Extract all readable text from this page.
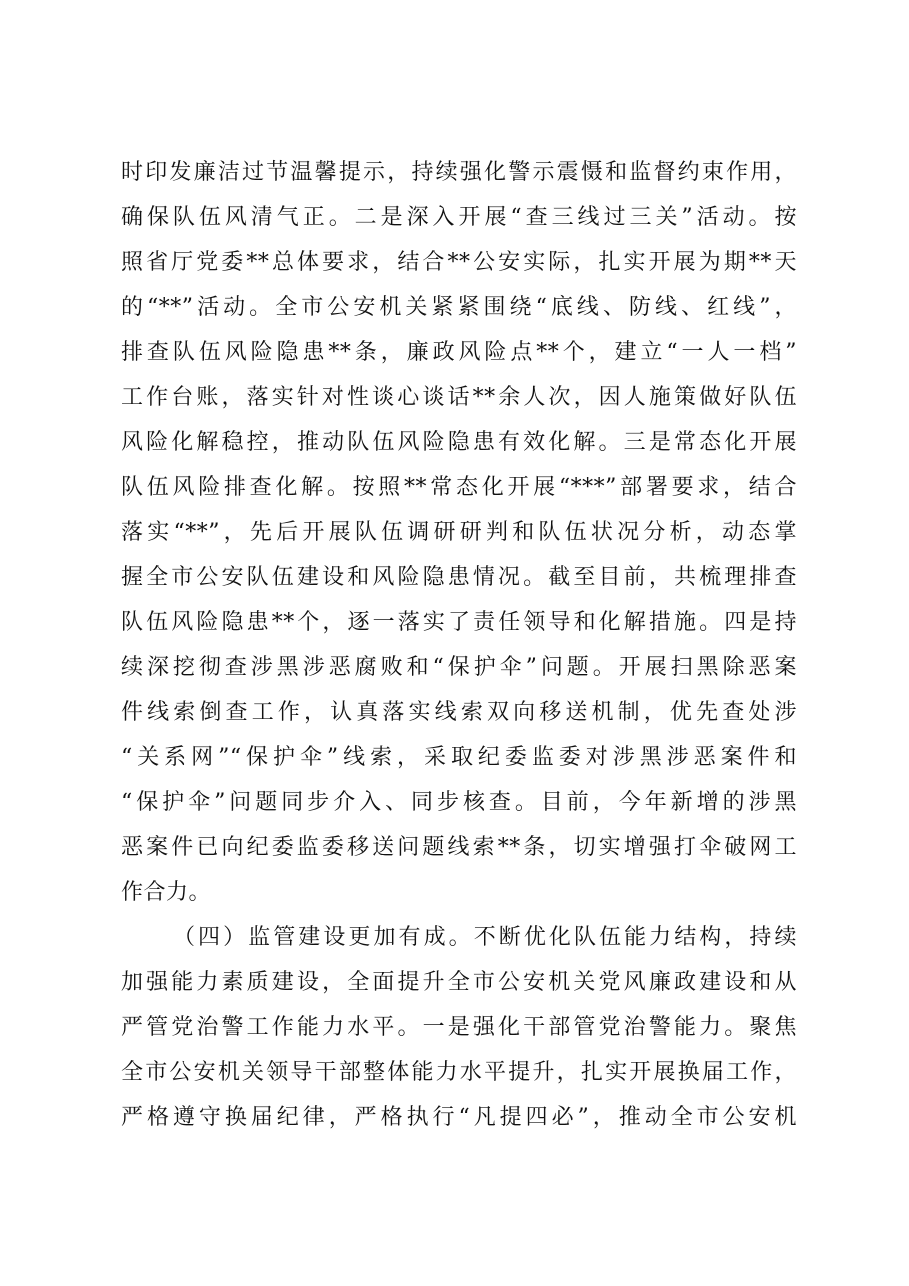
时印发廉洁过节温馨提示，持续强化警示震慑和监督约束作用，
确保队伍风清气正。二是深入开展“查三线过三关”活动。按
照省厅党委**总体要求，结合**公安实际，扎实开展为期**天
的“**”活动。全市公安机关紧紧围绕“底线、防线、红线”，
排查队伍风险隐患**条，廉政风险点**个，建立“一人一档”
工作台账，落实针对性谈心谈话**余人次，因人施策做好队伍
风险化解稳控，推动队伍风险隐患有效化解。三是常态化开展
队伍风险排查化解。按照**常态化开展“***”部署要求，结合
落实“**”，先后开展队伍调研研判和队伍状况分析，动态掌
握全市公安队伍建设和风险隐患情况。截至目前，共梳理排查
队伍风险隐患**个，逐一落实了责任领导和化解措施。四是持
续深挖彻查涉黑涉恶腐败和“保护伞”问题。开展扫黑除恶案
件线索倒查工作，认真落实线索双向移送机制，优先查处涉
“关系网”“保护伞”线索，采取纪委监委对涉黑涉恶案件和
“保护伞”问题同步介入、同步核查。目前，今年新增的涉黑
恶案件已向纪委监委移送问题线索**条，切实增强打伞破网工
作合力。
（四）监管建设更加有成。不断优化队伍能力结构，持续
加强能力素质建设，全面提升全市公安机关党风廉政建设和从
严管党治警工作能力水平。一是强化干部管党治警能力。聚焦
全市公安机关领导干部整体能力水平提升，扎实开展换届工作，
严格遵守换届纪律，严格执行“凡提四必”，推动全市公安机
